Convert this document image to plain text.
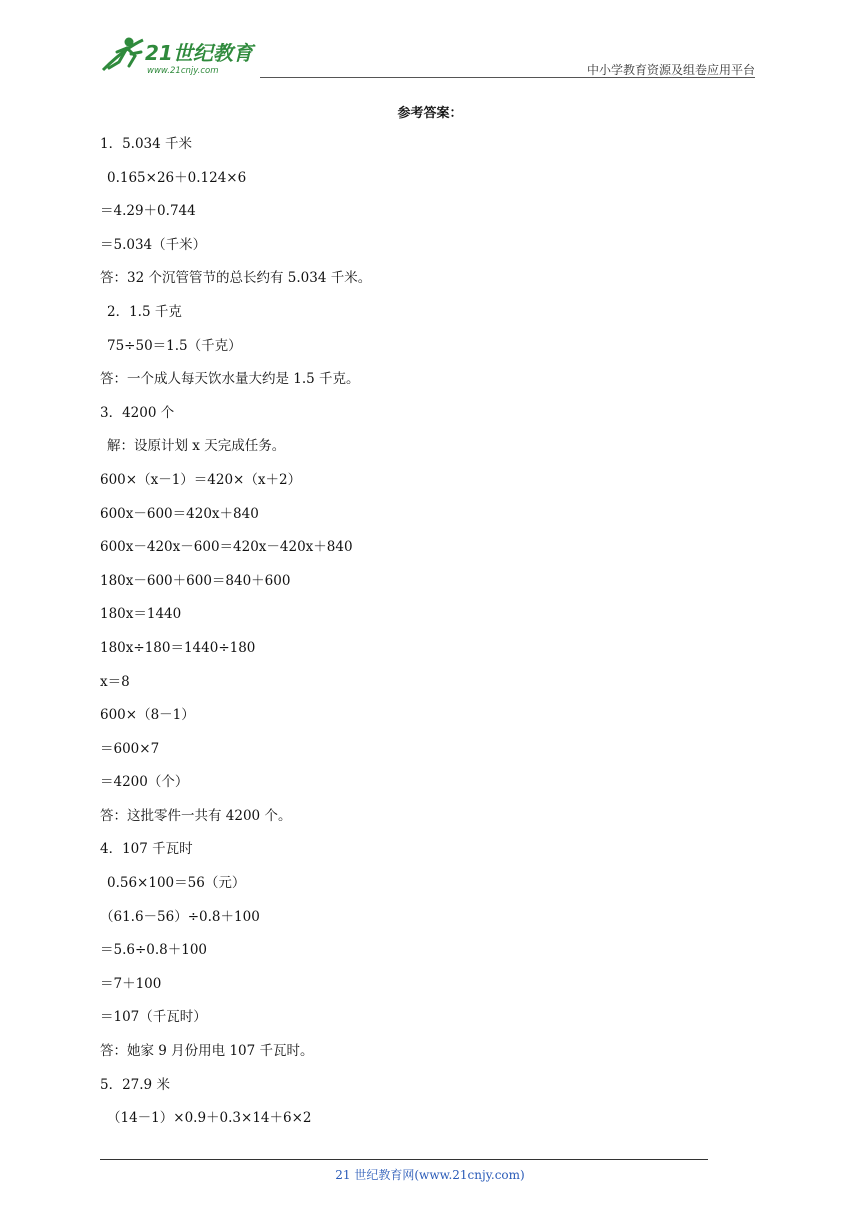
21世纪教育
www.21cnjy.com	中小学教育资源及组卷应用平台
参考答案：
1．5.034 千米
0.165×26＋0.124×6
＝4.29＋0.744
＝5.034（千米）
答：32 个沉管管节的总长约有 5.034 千米。
2．1.5 千克
75÷50＝1.5（千克）
答：一个成人每天饮水量大约是 1.5 千克。
3．4200 个
解：设原计划 x 天完成任务。
600×（x－1）＝420×（x＋2）
600x－600＝420x＋840
600x－420x－600＝420x－420x＋840
180x－600＋600＝840＋600
180x＝1440
180x÷180＝1440÷180
x＝8
600×（8－1）
＝600×7
＝4200（个）
答：这批零件一共有 4200 个。
4．107 千瓦时
0.56×100＝56（元）
（61.6－56）÷0.8＋100
＝5.6÷0.8＋100
＝7＋100
＝107（千瓦时）
答：她家 9 月份用电 107 千瓦时。
5．27.9 米
（14－1）×0.9＋0.3×14＋6×2
21 世纪教育网(www.21cnjy.com)
